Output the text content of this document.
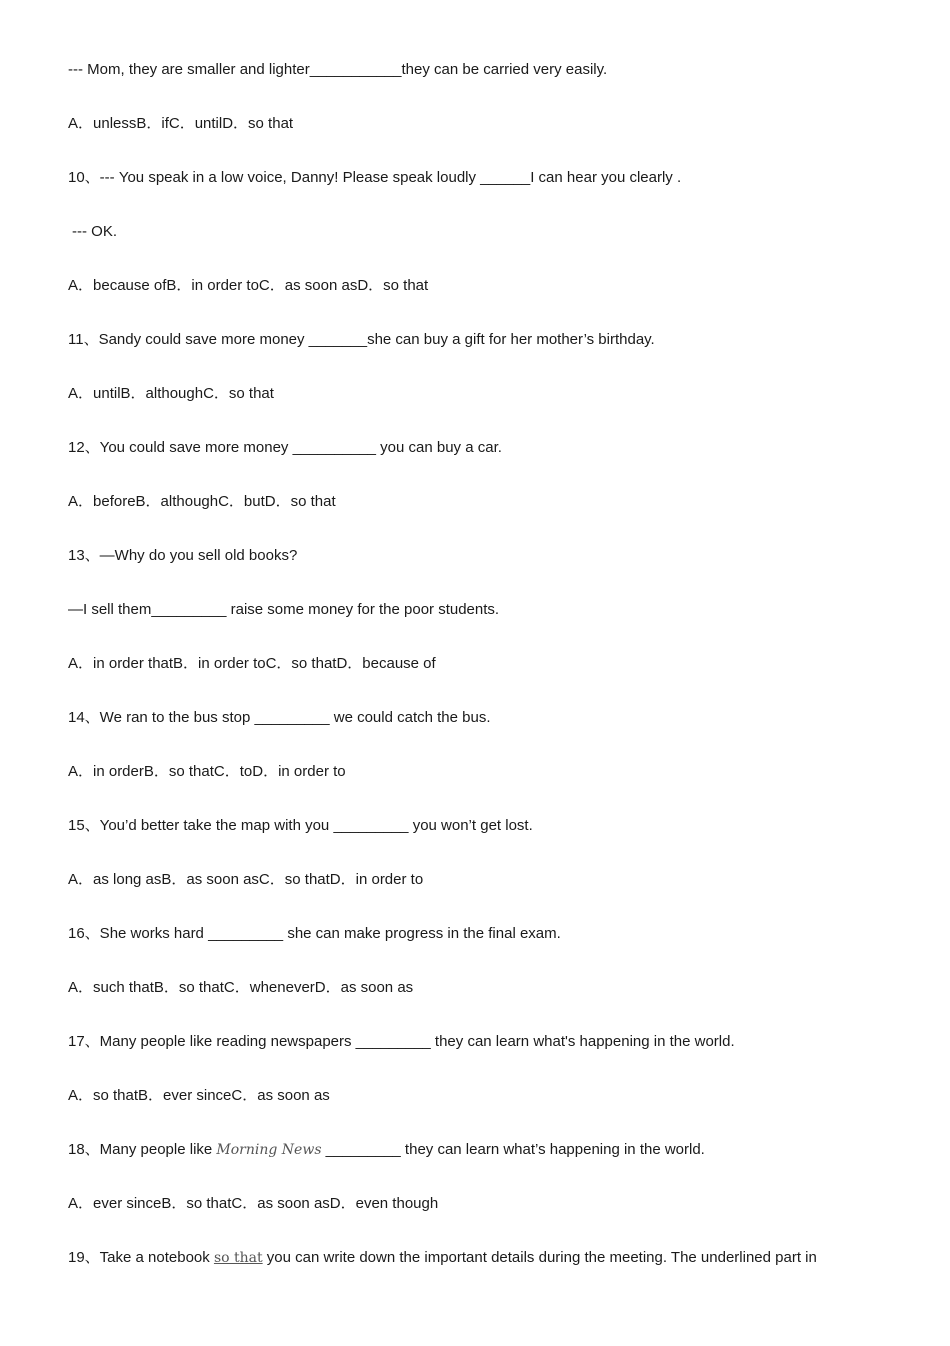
--- Mom, they are smaller and lighter___________they can be carried very easily.
A．unlessB．ifC．untilD．so that
10、--- You speak in a low voice, Danny! Please speak loudly ______I can hear you clearly .
--- OK.
A．because ofB．in order toC．as soon asD．so that
11、Sandy could save more money _______she can buy a gift for her mother’s birthday.
A．untilB．althoughC．so that
12、You could save more money __________ you can buy a car.
A．beforeB．althoughC．butD．so that
13、—Why do you sell old books?
—I sell them_________ raise some money for the poor students.
A．in order thatB．in order toC．so thatD．because of
14、We ran to the bus stop _________ we could catch the bus.
A．in orderB．so thatC．toD．in order to
15、You’d better take the map with you _________ you won’t get lost.
A．as long asB．as soon asC．so thatD．in order to
16、She works hard _________ she can make progress in the final exam.
A．such thatB．so thatC．wheneverD．as soon as
17、Many people like reading newspapers _________ they can learn what's happening in the world.
A．so thatB．ever sinceC．as soon as
18、Many people like Morning News _________ they can learn what’s happening in the world.
A．ever sinceB．so thatC．as soon asD．even though
19、Take a notebook so that you can write down the important details during the meeting. The underlined part in
